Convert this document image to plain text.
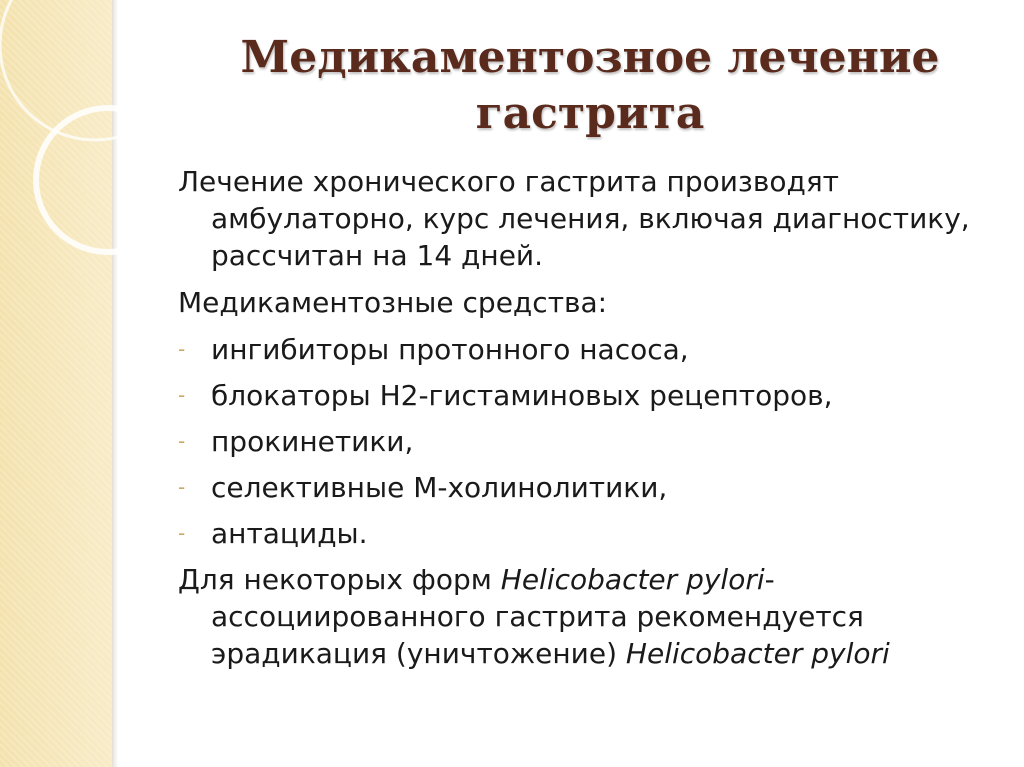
Медикаментозное лечение гастрита
Лечение хронического гастрита производят амбулаторно, курс лечения, включая диагностику, рассчитан на 14 дней.
Медикаментозные средства:
- ингибиторы протонного насоса,
- блокаторы Н2-гистаминовых рецепторов,
- прокинетики,
- селективные М-холинолитики,
- антациды.
Для некоторых форм Helicobacter pylori-ассоциированного гастрита рекомендуется эрадикация (уничтожение) Helicobacter pylori
